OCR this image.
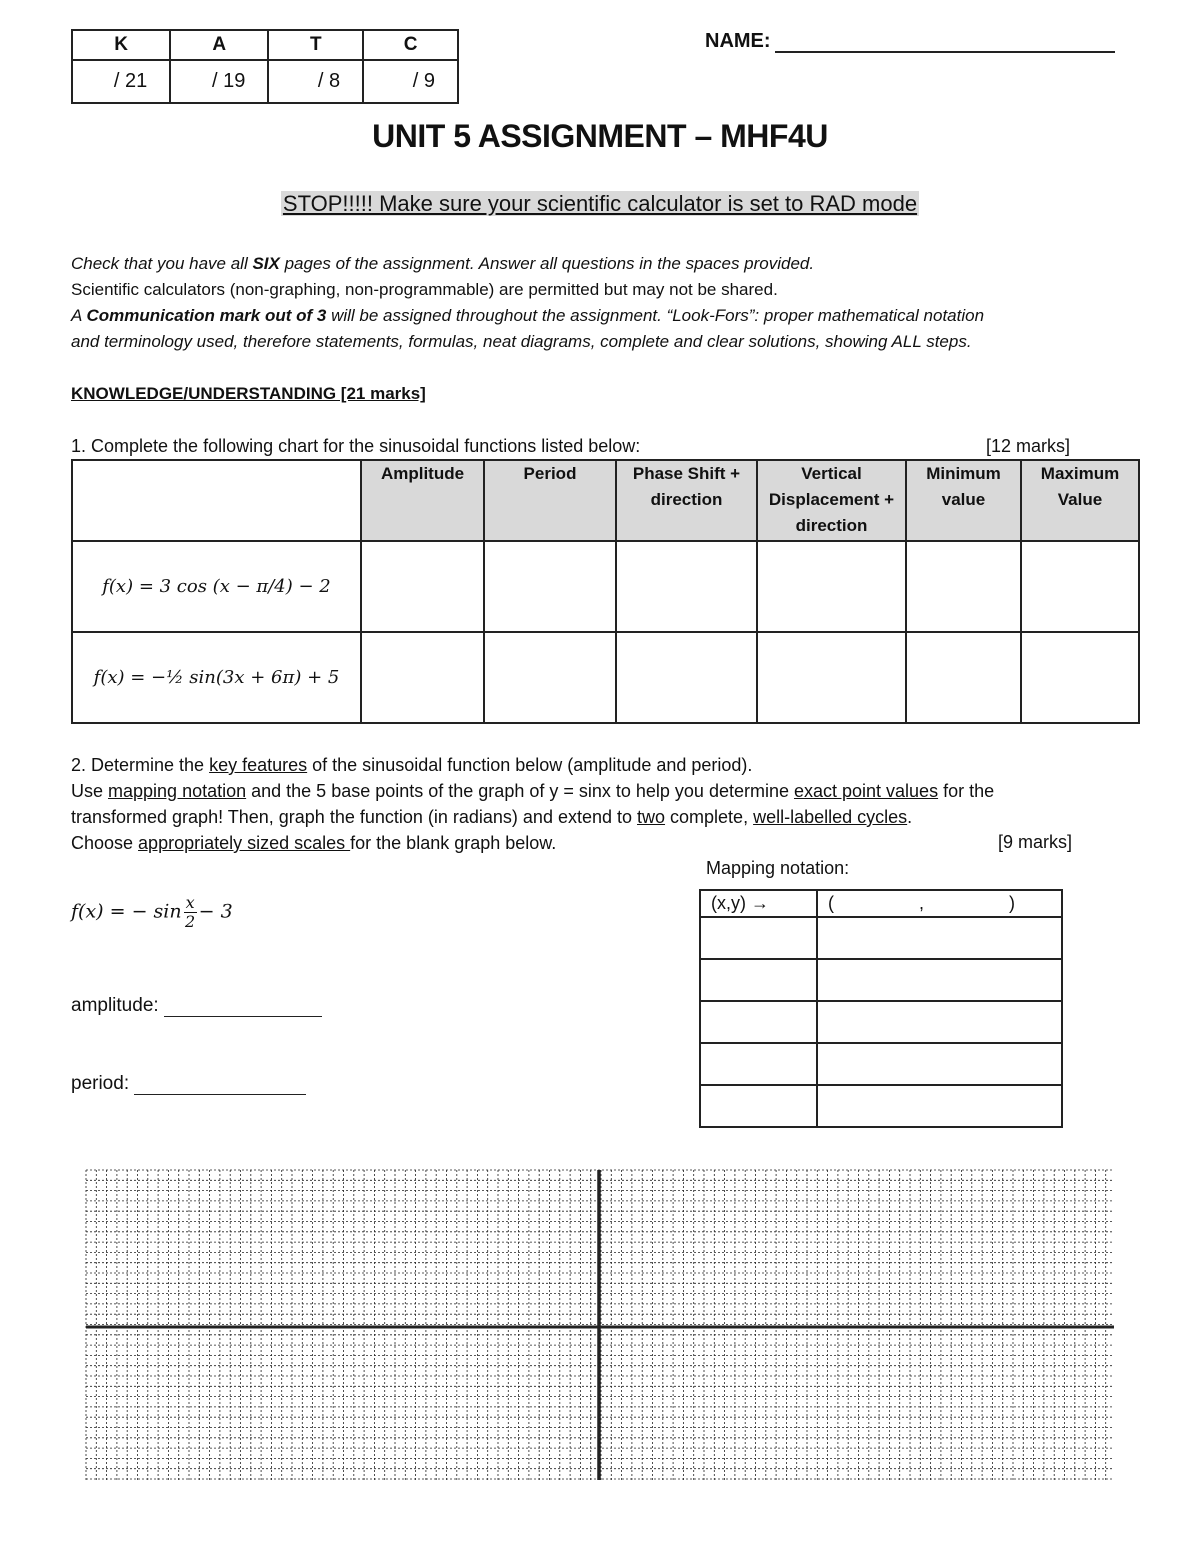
K	A	T	C
/ 21	/ 19	/ 8	/ 9
NAME:
UNIT 5 ASSIGNMENT – MHF4U
STOP!!!!! Make sure your scientific calculator is set to RAD mode
Check that you have all SIX pages of the assignment. Answer all questions in the spaces provided.
Scientific calculators (non-graphing, non-programmable) are permitted but may not be shared.
A Communication mark out of 3 will be assigned throughout the assignment. “Look-Fors”: proper mathematical notation
and terminology used, therefore statements, formulas, neat diagrams, complete and clear solutions, showing ALL steps.
KNOWLEDGE/UNDERSTANDING [21 marks]
1. Complete the following chart for the sinusoidal functions listed below:	[12 marks]
	Amplitude	Period	Phase Shift + direction	Vertical Displacement + direction	Minimum value	Maximum Value
f(x) = 3 cos (x − π/4) − 2						
f(x) = −½ sin(3x + 6π) + 5						
2. Determine the key features of the sinusoidal function below (amplitude and period).
Use mapping notation and the 5 base points of the graph of y = sinx to help you determine exact point values for the
transformed graph! Then, graph the function (in radians) and extend to two complete, well-labelled cycles.
Choose appropriately sized scales for the blank graph below.	[9 marks]
Mapping notation:
(x,y) →	(                 ,                 )

f(x) = − $\sin \frac{x}{2} - 3$
amplitude:
period:
